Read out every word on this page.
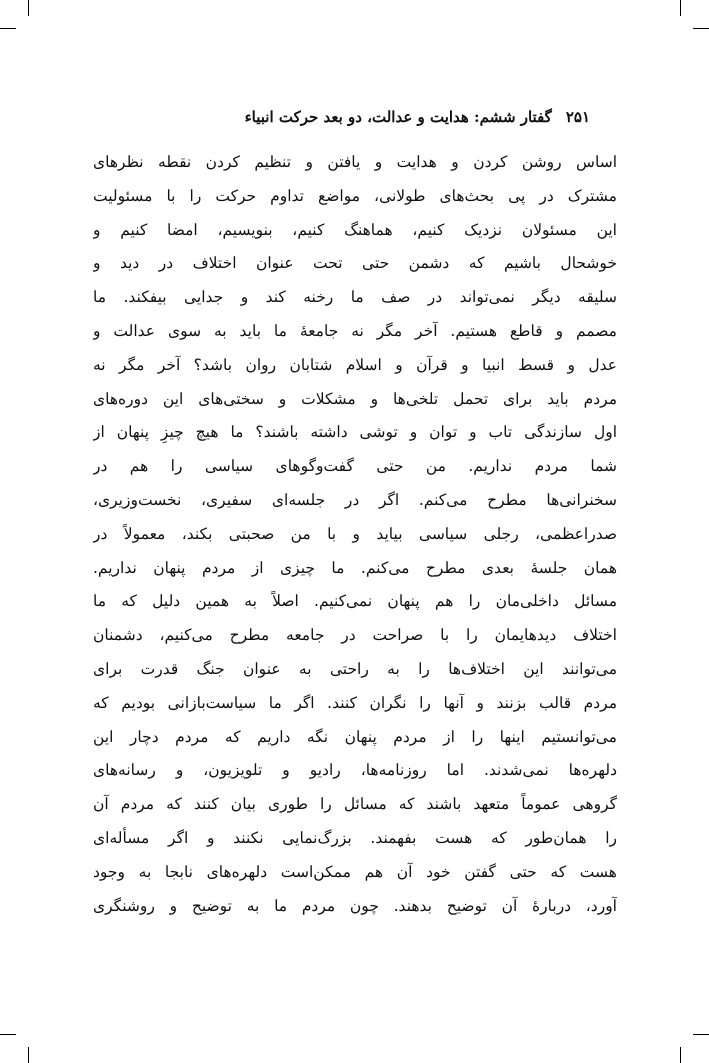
۲۵۱
گفتار ششم: هدایت و عدالت، دو بعد حرکت انبیاء
اساس روشن کردن و هدایت و یافتن و تنظیم کردن نقطه نظرهای
مشترک در پی بحث‌های طولانی، مواضع تداوم حرکت را با مسئولیت
این مسئولان نزدیک کنیم، هماهنگ کنیم، بنویسیم، امضا کنیم و
خوشحال باشیم که دشمن حتی تحت عنوان اختلاف در دید و
سلیقه دیگر نمی‌تواند در صف ما رخنه کند و جدایی بیفکند. ما
مصمم و قاطع هستیم. آخر مگر نه جامعهٔ ما باید به سوی عدالت و
عدل و قسط انبیا و قرآن و اسلام شتابان روان باشد؟ آخر مگر نه
مردم باید برای تحمل تلخی‌ها و مشکلات و سختی‌های این دوره‌های
اول سازندگی تاب و توان و توشی داشته باشند؟ ما هیچ چیزِ پنهان از
شما مردم نداریم. من حتی گفت‌وگوهای سیاسی را هم در
سخنرانی‌ها مطرح می‌کنم. اگر در جلسه‌ای سفیری، نخست‌وزیری،
صدراعظمی، رجلی سیاسی بیاید و با من صحبتی بکند، معمولاً در
همان جلسهٔ بعدی مطرح می‌کنم. ما چیزی از مردم پنهان نداریم.
مسائل داخلی‌مان را هم پنهان نمی‌کنیم. اصلاً به همین دلیل که ما
اختلاف دیدهایمان را با صراحت در جامعه مطرح می‌کنیم، دشمنان
می‌توانند این اختلاف‌ها را به راحتی به عنوان جنگ قدرت برای
مردم قالب بزنند و آنها را نگران کنند. اگر ما سیاست‌بازانی بودیم که
می‌توانستیم اینها را از مردم پنهان نگه داریم که مردم دچار این
دلهره‌ها نمی‌شدند. اما روزنامه‌ها، رادیو و تلویزیون، و رسانه‌های
گروهی عموماً متعهد باشند که مسائل را طوری بیان کنند که مردم آن
را همان‌طور که هست بفهمند. بزرگ‌نمایی نکنند و اگر مسأله‌ای
هست که حتی گفتن خود آن هم ممکن‌است دلهره‌های نابجا به وجود
آورد، دربارهٔ آن توضیح بدهند. چون مردم ما به توضیح و روشنگری
